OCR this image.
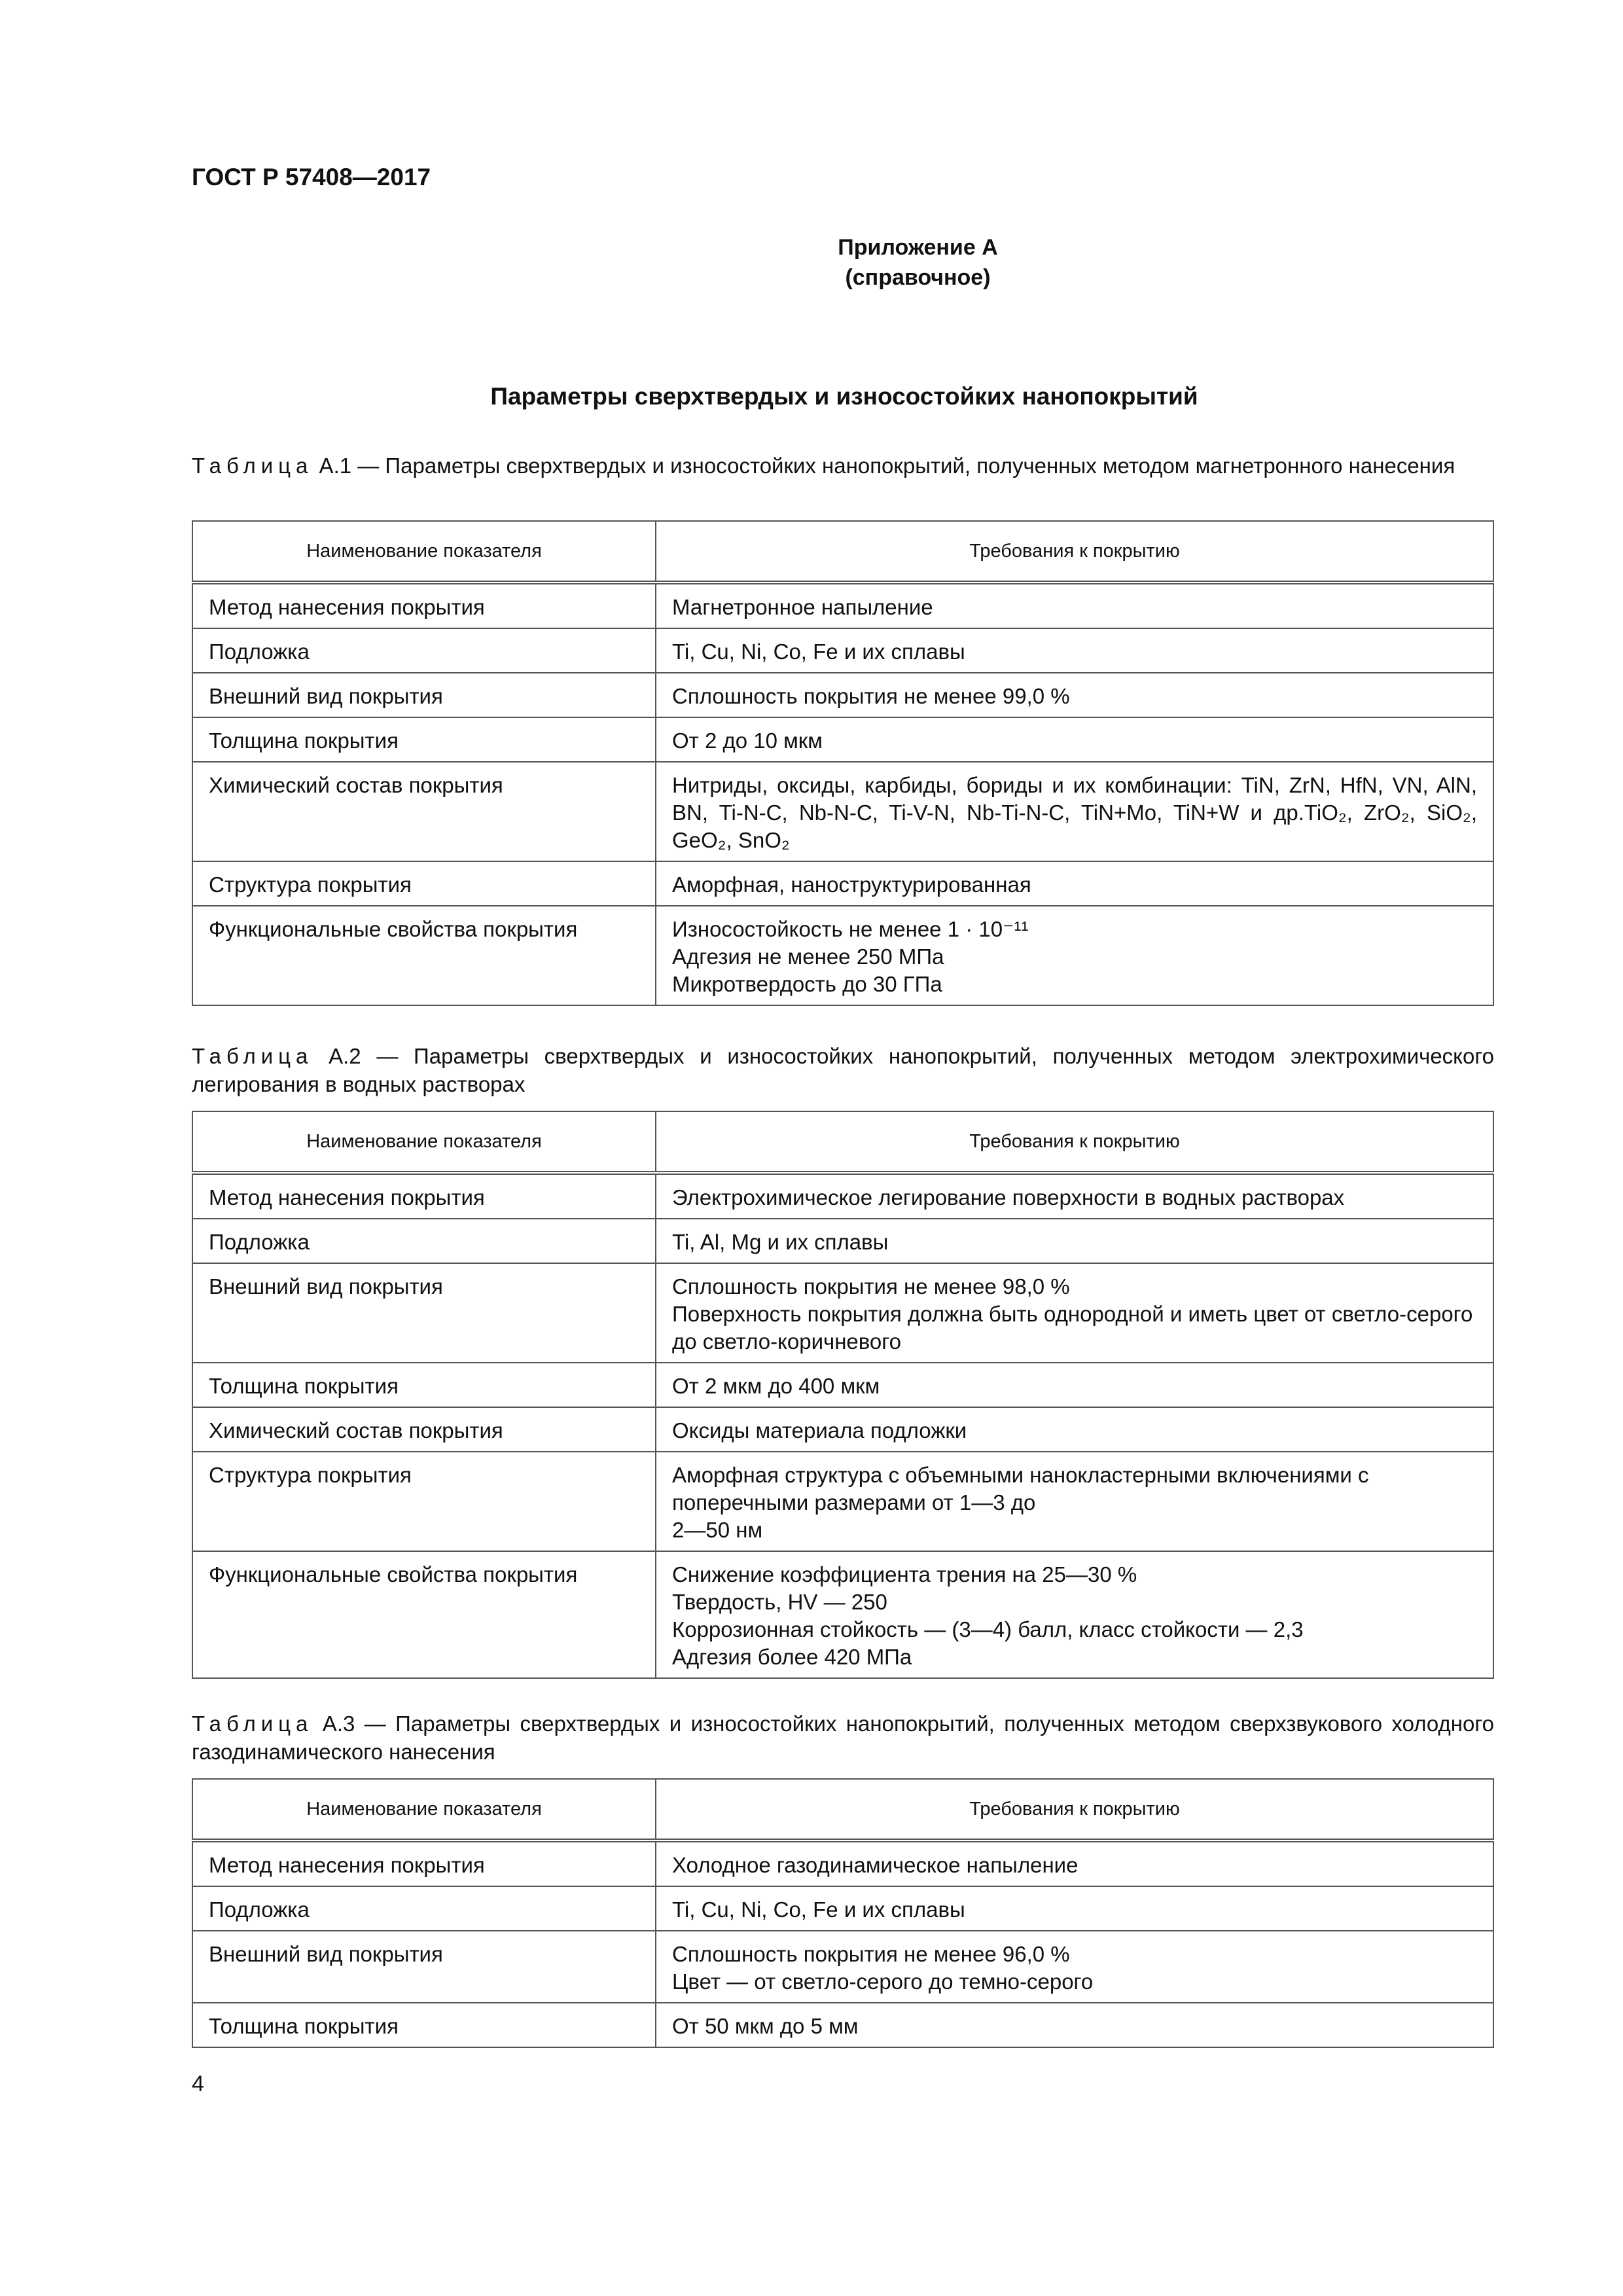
ГОСТ Р 57408—2017
Приложение А
(справочное)
Параметры сверхтвердых и износостойких нанопокрытий
Таблица А.1 — Параметры сверхтвердых и износостойких нанопокрытий, полученных методом магнетронного нанесения
Наименование показателя	Требования к покрытию
Метод нанесения покрытия	Магнетронное напыление
Подложка	Ti, Cu, Ni, Co, Fe и их сплавы
Внешний вид покрытия	Сплошность покрытия не менее 99,0 %
Толщина покрытия	От 2 до 10 мкм
Химический состав покрытия	Нитриды, оксиды, карбиды, бориды и их комбинации: TiN, ZrN, HfN, VN, AlN, BN, Ti-N-C, Nb-N-C, Ti-V-N, Nb-Ti-N-C, TiN+Mo, TiN+W и др.TiO₂, ZrO₂, SiO₂, GeO₂, SnO₂
Структура покрытия	Аморфная, наноструктурированная
Функциональные свойства покрытия	Износостойкость не менее 1 · 10⁻¹¹
Адгезия не менее 250 МПа
Микротвердость до 30 ГПа
Таблица А.2 — Параметры сверхтвердых и износостойких нанопокрытий, полученных методом электрохимического легирования в водных растворах
Наименование показателя	Требования к покрытию
Метод нанесения покрытия	Электрохимическое легирование поверхности в водных растворах
Подложка	Ti, Al, Mg и их сплавы
Внешний вид покрытия	Сплошность покрытия не менее 98,0 %
Поверхность покрытия должна быть однородной и иметь цвет от светло-серого до светло-коричневого
Толщина покрытия	От 2 мкм до 400 мкм
Химический состав покрытия	Оксиды материала подложки
Структура покрытия	Аморфная структура с объемными нанокластерными включениями с поперечными размерами от 1—3 до
2—50 нм
Функциональные свойства покрытия	Снижение коэффициента трения на 25—30 %
Твердость, HV — 250
Коррозионная стойкость — (3—4) балл, класс стойкости — 2,3
Адгезия более 420 МПа
Таблица А.3 — Параметры сверхтвердых и износостойких нанопокрытий, полученных методом сверхзвукового холодного газодинамического нанесения
Наименование показателя	Требования к покрытию
Метод нанесения покрытия	Холодное газодинамическое напыление
Подложка	Ti, Cu, Ni, Co, Fe и их сплавы
Внешний вид покрытия	Сплошность покрытия не менее 96,0 %
Цвет — от светло-серого до темно-серого
Толщина покрытия	От 50 мкм до 5 мм
4
